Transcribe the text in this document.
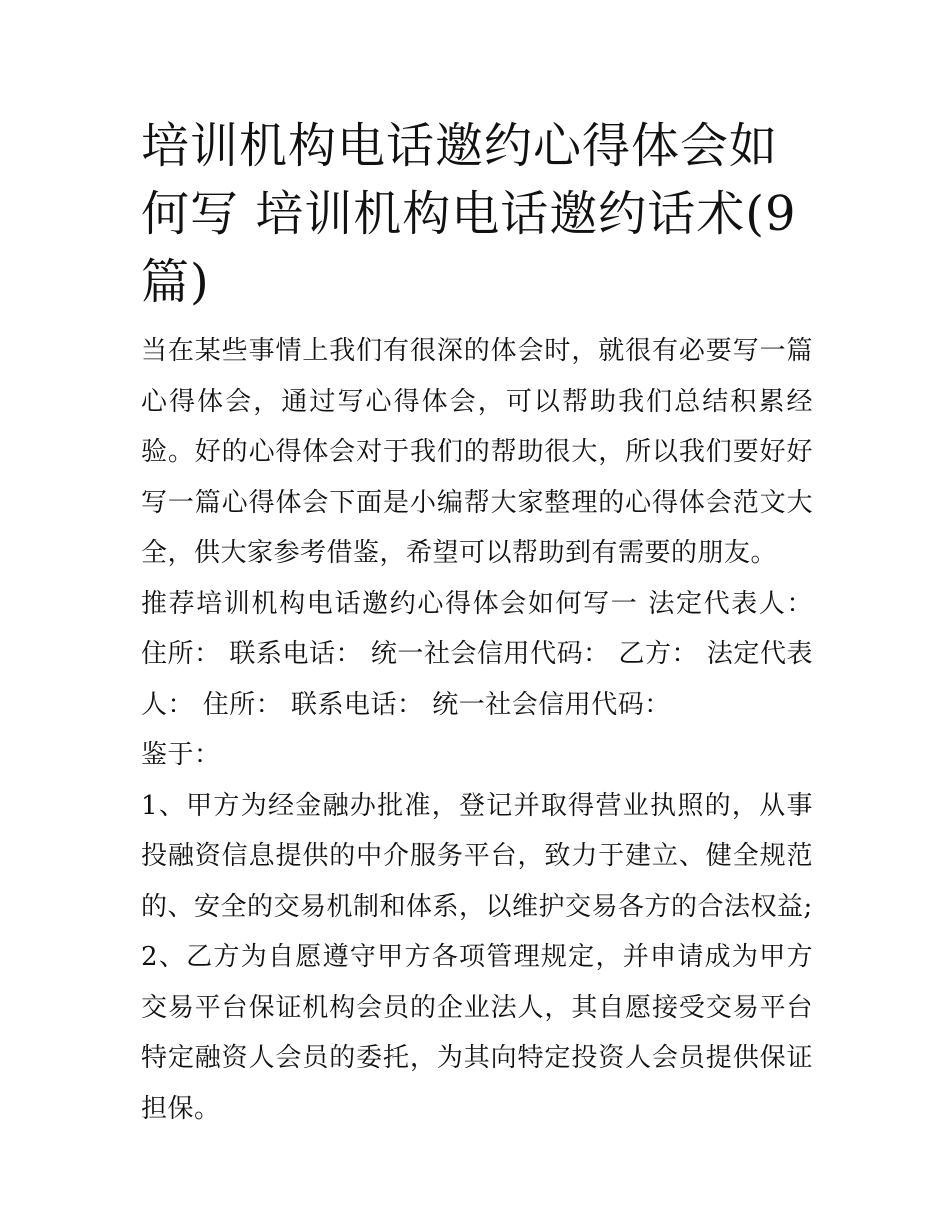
培训机构电话邀约心得体会如何写 培训机构电话邀约话术(9篇)

当在某些事情上我们有很深的体会时，就很有必要写一篇心得体会，通过写心得体会，可以帮助我们总结积累经验。好的心得体会对于我们的帮助很大，所以我们要好好写一篇心得体会下面是小编帮大家整理的心得体会范文大全，供大家参考借鉴，希望可以帮助到有需要的朋友。

推荐培训机构电话邀约心得体会如何写一 法定代表人： 住所： 联系电话： 统一社会信用代码： 乙方： 法定代表人： 住所： 联系电话： 统一社会信用代码：

鉴于：

1、甲方为经金融办批准，登记并取得营业执照的，从事投融资信息提供的中介服务平台，致力于建立、健全规范的、安全的交易机制和体系，以维护交易各方的合法权益;

2、乙方为自愿遵守甲方各项管理规定，并申请成为甲方交易平台保证机构会员的企业法人，其自愿接受交易平台特定融资人会员的委托，为其向特定投资人会员提供保证担保。
